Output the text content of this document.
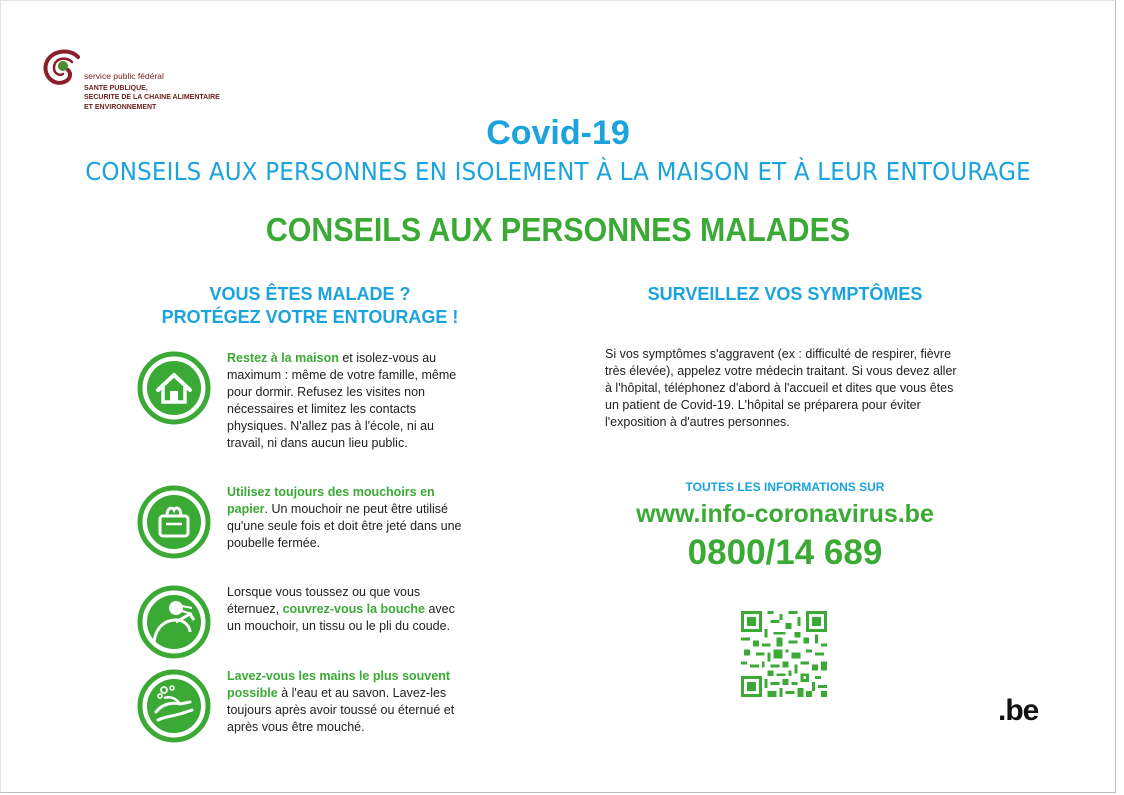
service public fédéral
SANTE PUBLIQUE,
SECURITE DE LA CHAINE ALIMENTAIRE
ET ENVIRONNEMENT
Covid-19
CONSEILS AUX PERSONNES EN ISOLEMENT À LA MAISON ET À LEUR ENTOURAGE
CONSEILS AUX PERSONNES MALADES
VOUS ÊTES MALADE ?
PROTÉGEZ VOTRE ENTOURAGE !
SURVEILLEZ VOS SYMPTÔMES
Restez à la maison et isolez-vous au maximum : même de votre famille, même pour dormir. Refusez les visites non nécessaires et limitez les contacts physiques. N'allez pas à l'école, ni au travail, ni dans aucun lieu public.
Utilisez toujours des mouchoirs en papier. Un mouchoir ne peut être utilisé qu'une seule fois et doit être jeté dans une poubelle fermée.
Lorsque vous toussez ou que vous éternuez, couvrez-vous la bouche avec un mouchoir, un tissu ou le pli du coude.
Lavez-vous les mains le plus souvent possible à l'eau et au savon. Lavez-les toujours après avoir toussé ou éternué et après vous être mouché.
Si vos symptômes s'aggravent (ex : difficulté de respirer, fièvre très élevée), appelez votre médecin traitant. Si vous devez aller à l'hôpital, téléphonez d'abord à l'accueil et dites que vous êtes un patient de Covid-19. L'hôpital se préparera pour éviter l'exposition à d'autres personnes.
TOUTES LES INFORMATIONS SUR
www.info-coronavirus.be
0800/14 689
.be
